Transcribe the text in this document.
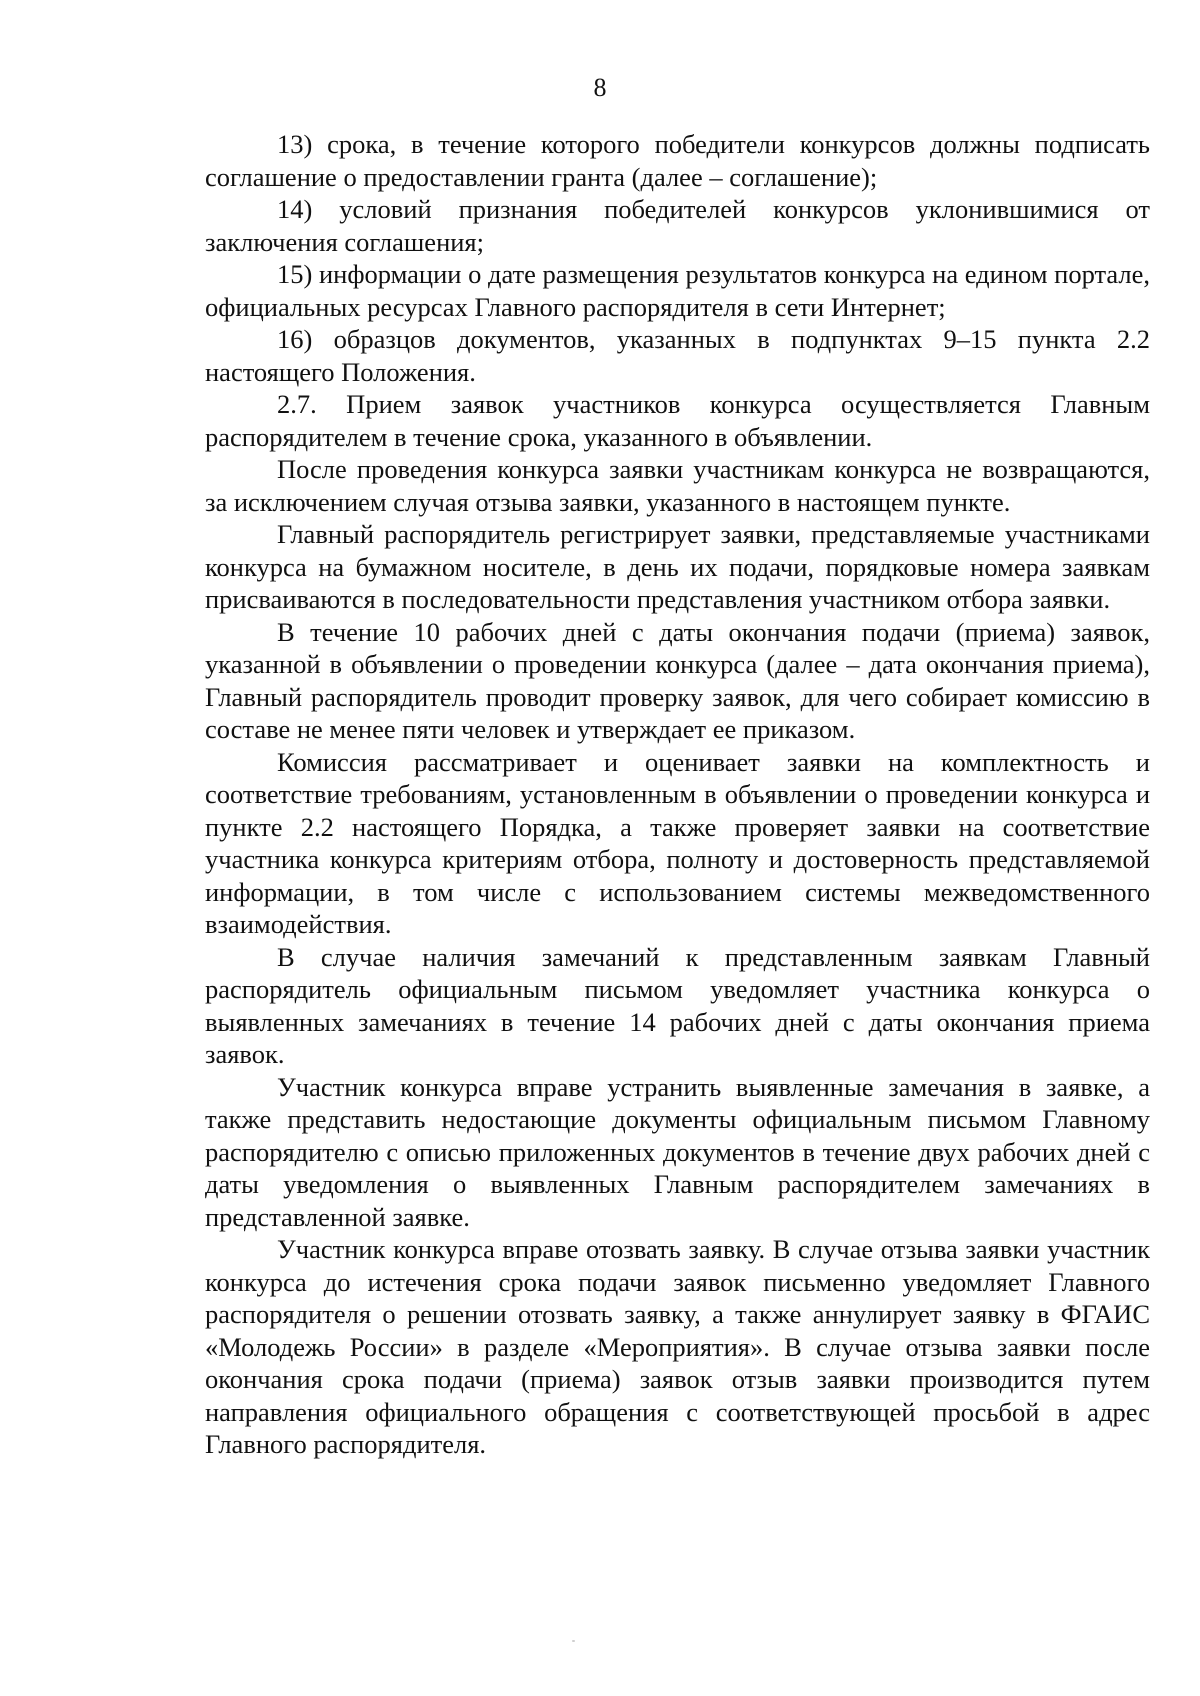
8

13) срока, в течение которого победители конкурсов должны подписать соглашение о предоставлении гранта (далее – соглашение);

14) условий признания победителей конкурсов уклонившимися от заключения соглашения;

15) информации о дате размещения результатов конкурса на едином портале, официальных ресурсах Главного распорядителя в сети Интернет;

16) образцов документов, указанных в подпунктах 9–15 пункта 2.2 настоящего Положения.

2.7. Прием заявок участников конкурса осуществляется Главным распорядителем в течение срока, указанного в объявлении.

После проведения конкурса заявки участникам конкурса не возвращаются, за исключением случая отзыва заявки, указанного в настоящем пункте.

Главный распорядитель регистрирует заявки, представляемые участниками конкурса на бумажном носителе, в день их подачи, порядковые номера заявкам присваиваются в последовательности представления участником отбора заявки.

В течение 10 рабочих дней с даты окончания подачи (приема) заявок, указанной в объявлении о проведении конкурса (далее – дата окончания приема), Главный распорядитель проводит проверку заявок, для чего собирает комиссию в составе не менее пяти человек и утверждает ее приказом.

Комиссия рассматривает и оценивает заявки на комплектность и соответствие требованиям, установленным в объявлении о проведении конкурса и пункте 2.2 настоящего Порядка, а также проверяет заявки на соответствие участника конкурса критериям отбора, полноту и достоверность представляемой информации, в том числе с использованием системы межведомственного взаимодействия.

В случае наличия замечаний к представленным заявкам Главный распорядитель официальным письмом уведомляет участника конкурса о выявленных замечаниях в течение 14 рабочих дней с даты окончания приема заявок.

Участник конкурса вправе устранить выявленные замечания в заявке, а также представить недостающие документы официальным письмом Главному распорядителю с описью приложенных документов в течение двух рабочих дней с даты уведомления о выявленных Главным распорядителем замечаниях в представленной заявке.

Участник конкурса вправе отозвать заявку. В случае отзыва заявки участник конкурса до истечения срока подачи заявок письменно уведомляет Главного распорядителя о решении отозвать заявку, а также аннулирует заявку в ФГАИС «Молодежь России» в разделе «Мероприятия». В случае отзыва заявки после окончания срока подачи (приема) заявок отзыв заявки производится путем направления официального обращения с соответствующей просьбой в адрес Главного распорядителя.
